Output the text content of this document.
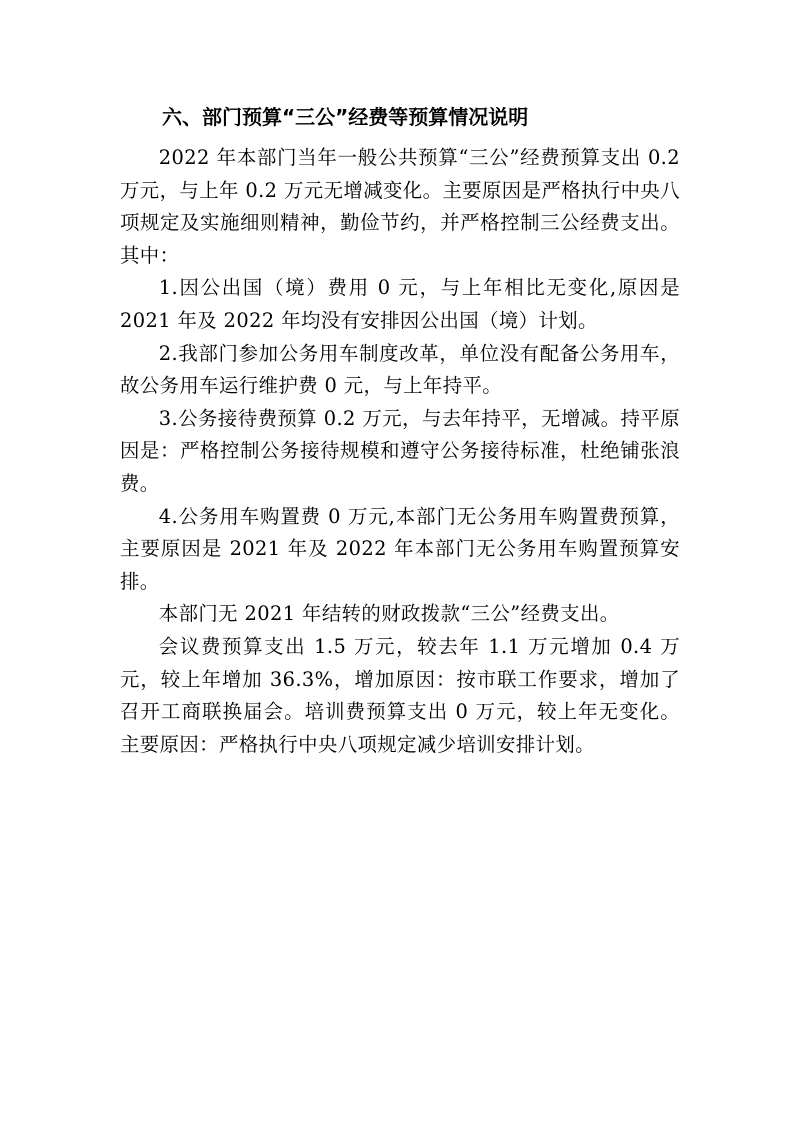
六、部门预算“三公”经费等预算情况说明

2022 年本部门当年一般公共预算“三公”经费预算支出 0.2 万元，与上年 0.2 万元无增减变化。主要原因是严格执行中央八项规定及实施细则精神，勤俭节约，并严格控制三公经费支出。其中：

1.因公出国（境）费用 0 元，与上年相比无变化,原因是 2021 年及 2022 年均没有安排因公出国（境）计划。

2.我部门参加公务用车制度改革，单位没有配备公务用车，故公务用车运行维护费 0 元，与上年持平。

3.公务接待费预算 0.2 万元，与去年持平，无增减。持平原因是：严格控制公务接待规模和遵守公务接待标准，杜绝铺张浪费。

4.公务用车购置费 0 万元,本部门无公务用车购置费预算，主要原因是 2021 年及 2022 年本部门无公务用车购置预算安排。

本部门无 2021 年结转的财政拨款“三公”经费支出。

会议费预算支出 1.5 万元，较去年 1.1 万元增加 0.4 万元，较上年增加 36.3%，增加原因：按市联工作要求，增加了召开工商联换届会。培训费预算支出 0 万元，较上年无变化。主要原因：严格执行中央八项规定减少培训安排计划。
